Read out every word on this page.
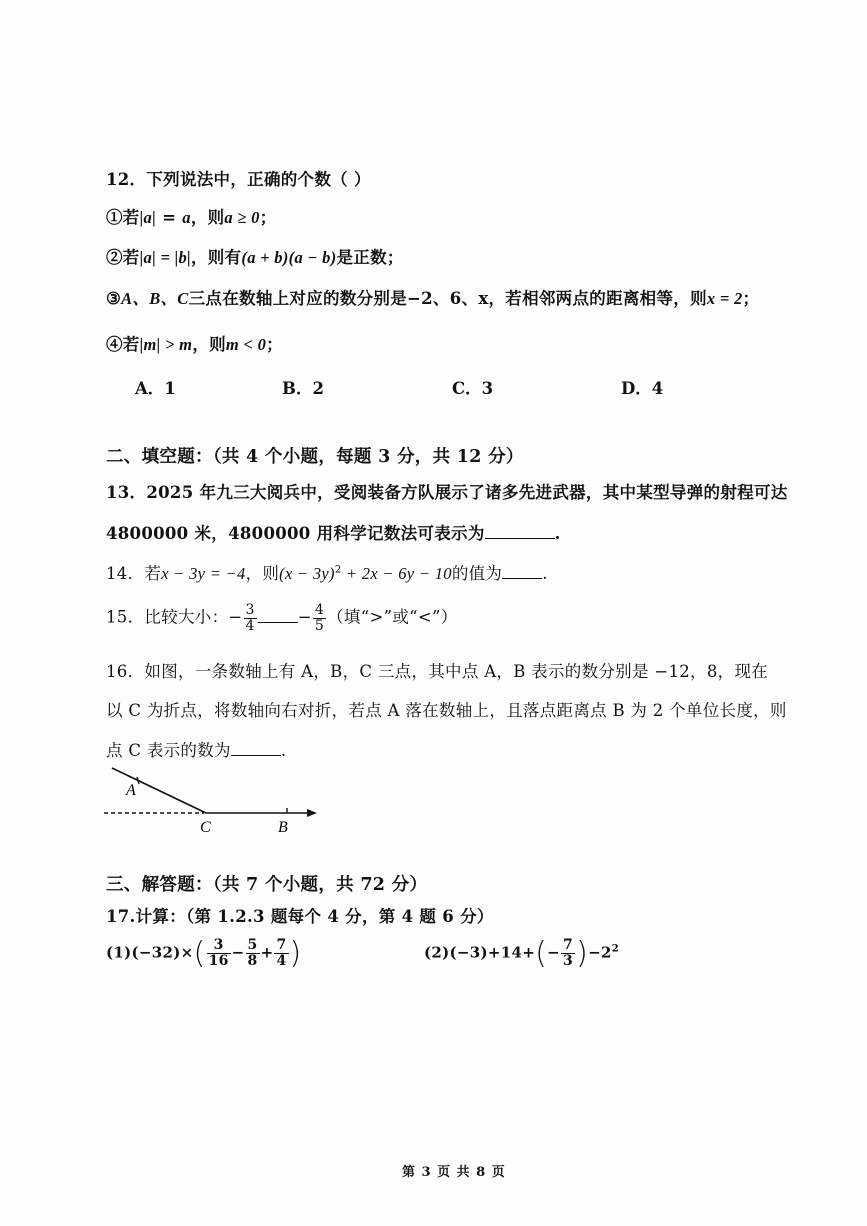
12．下列说法中，正确的个数（ ）
①若|a| = a，则a ≥ 0；
②若|a| = |b|，则有(a + b)(a − b)是正数；
③A、B、C三点在数轴上对应的数分别是−2、6、x，若相邻两点的距离相等，则x = 2；
④若|m| > m，则m < 0；
A．1	B．2	C．3	D．4
二、填空题：（共 4 个小题，每题 3 分，共 12 分）
13．2025 年九三大阅兵中，受阅装备方队展示了诸多先进武器，其中某型导弹的射程可达
4800000 米，4800000 用科学记数法可表示为	.
14．若x − 3y = −4，则$(x - 3y)^2 + 2x - 6y - 10$的值为 .
15．比较大小：− $\frac{3}{4} - \frac{4}{5}$ （填“>”或“<”）
16．如图，一条数轴上有 A，B，C 三点，其中点 A，B 表示的数分别是 −12，8，现在
以 C 为折点，将数轴向右对折，若点 A 落在数轴上，且落点距离点 B 为 2 个单位长度，则
点 C 表示的数为	.
A
C	B
三、解答题：（共 7 个小题，共 72 分）
17.计算：（第 1.2.3 题每个 4 分，第 4 题 6 分）
$(1)(-32)\times( \frac{3}{16} - \frac{5}{8} + \frac{7}{4}$ )	$(2)(-3)+14+(- \frac{7}{3} )-2^2$
第 3 页 共 8 页
